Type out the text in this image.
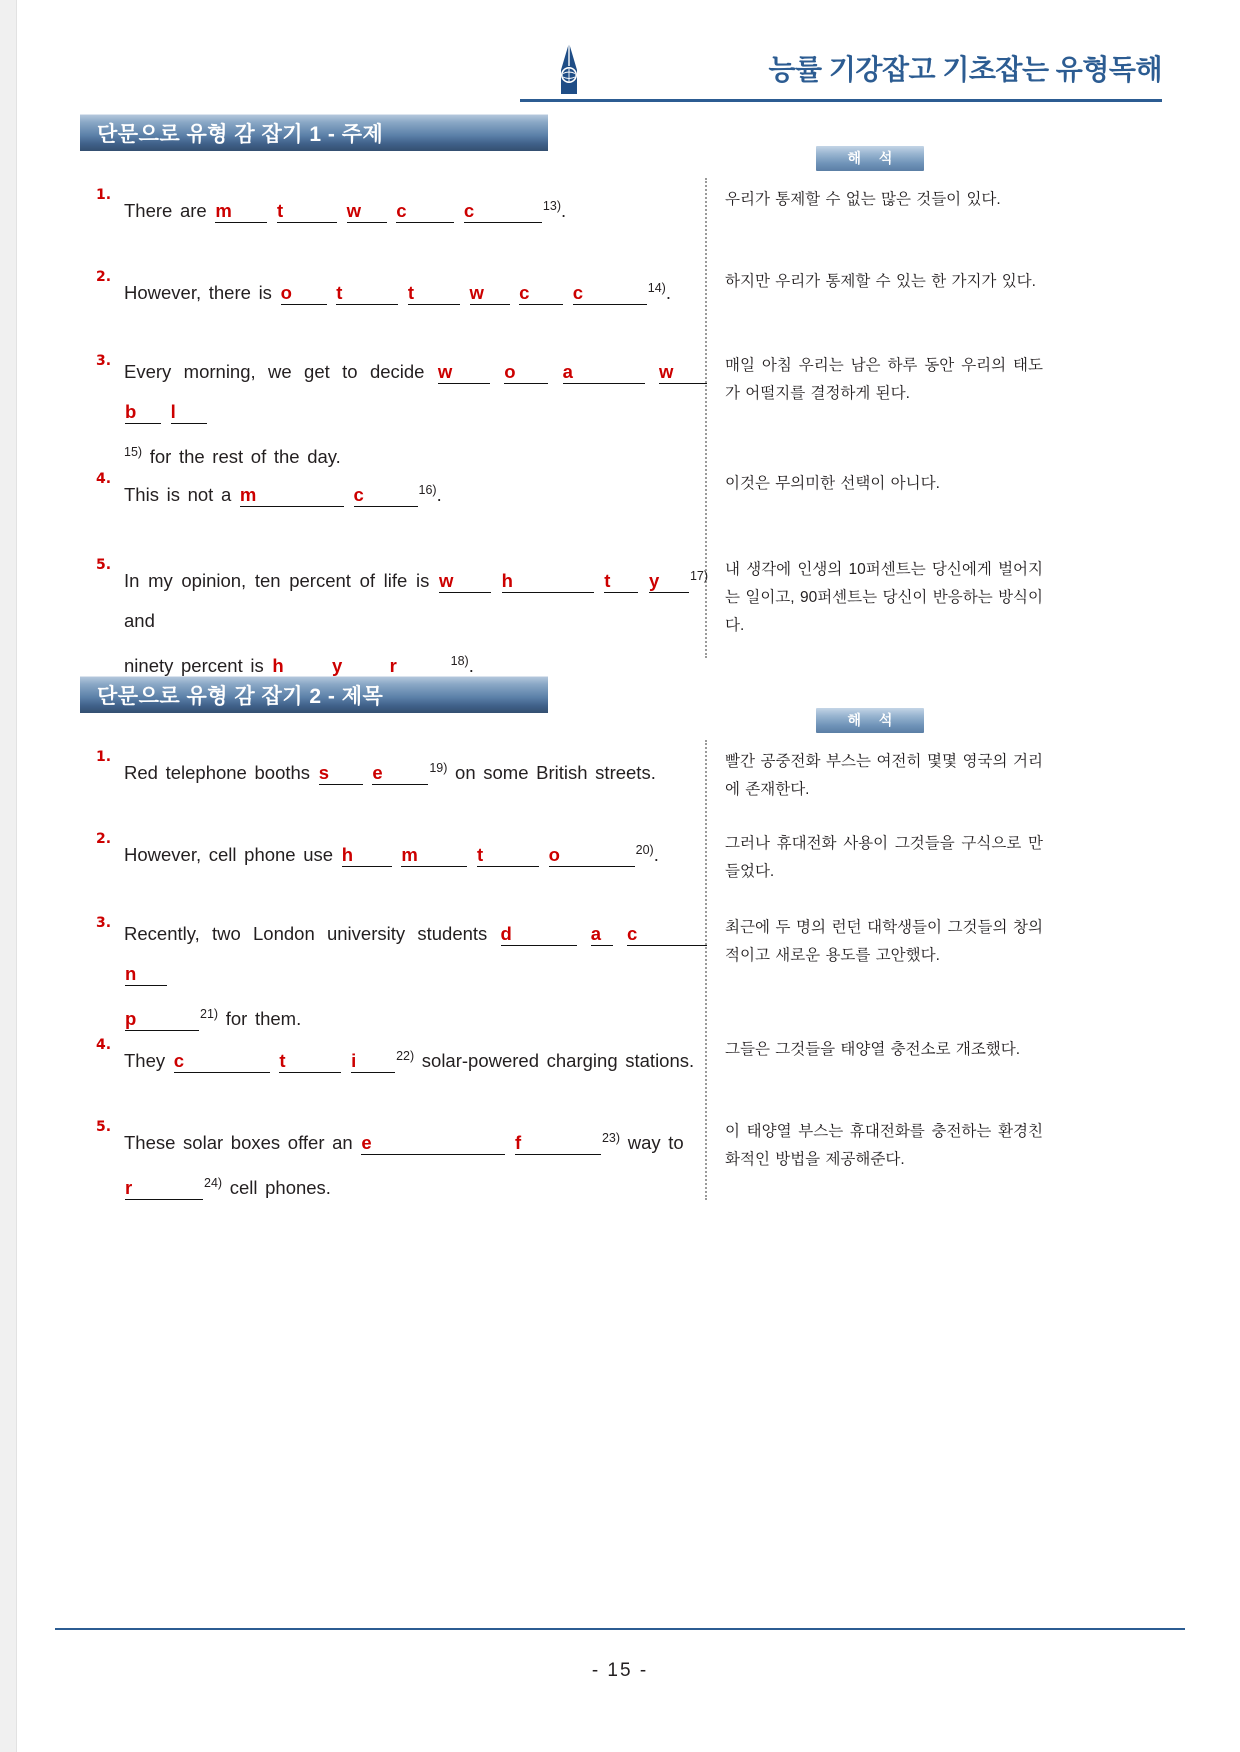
능률 기강잡고 기초잡는 유형독해
단문으로 유형 감 잡기 1 - 주제
해 석
1.
There are m t	w c	c	$^{13)}$.
우리가 통제할 수 없는 많은 것들이 있다.
2.
However, there is o t	t	w c c	$^{14)}$.
하지만 우리가 통제할 수 있는 한 가지가 있다.
3. Every morning, we get to decide w	o	a	w b l
$^{15)}$ for the rest of the day.
매일 아침 우리는 남은 하루 동안 우리의 태도가 어떨지를 결정하게 된다.
4.
This is not a m	c	$^{16)}$.
이것은 무의미한 선택이 아니다.
5.
In my opinion, ten percent of life is w	h	t y $^{17)}$ and
ninety percent is h	y	r	$^{18)}$.
내 생각에 인생의 10퍼센트는 당신에게 벌어지는 일이고, 90퍼센트는 당신이 반응하는 방식이다.
단문으로 유형 감 잡기 2 - 제목
해 석
1.
Red telephone booths s e	$^{19)}$ on some British streets.
빨간 공중전화 부스는 여전히 몇몇 영국의 거리에 존재한다.
2.
However, cell phone use h	m	t	o	$^{20)}$.
그러나 휴대전화 사용이 그것들을 구식으로 만들었다.
3. Recently, two London university students d	a c n
p	$^{21)}$ for them.
최근에 두 명의 런던 대학생들이 그것들의 창의적이고 새로운 용도를 고안했다.
4.
They c	t	i	$^{22)}$ solar-powered charging stations.
그들은 그것들을 태양열 충전소로 개조했다.
5.
These solar boxes offer an e	f	$^{23)}$ way to
r	$^{24)}$ cell phones.
이 태양열 부스는 휴대전화를 충전하는 환경친화적인 방법을 제공해준다.
- 15 -
